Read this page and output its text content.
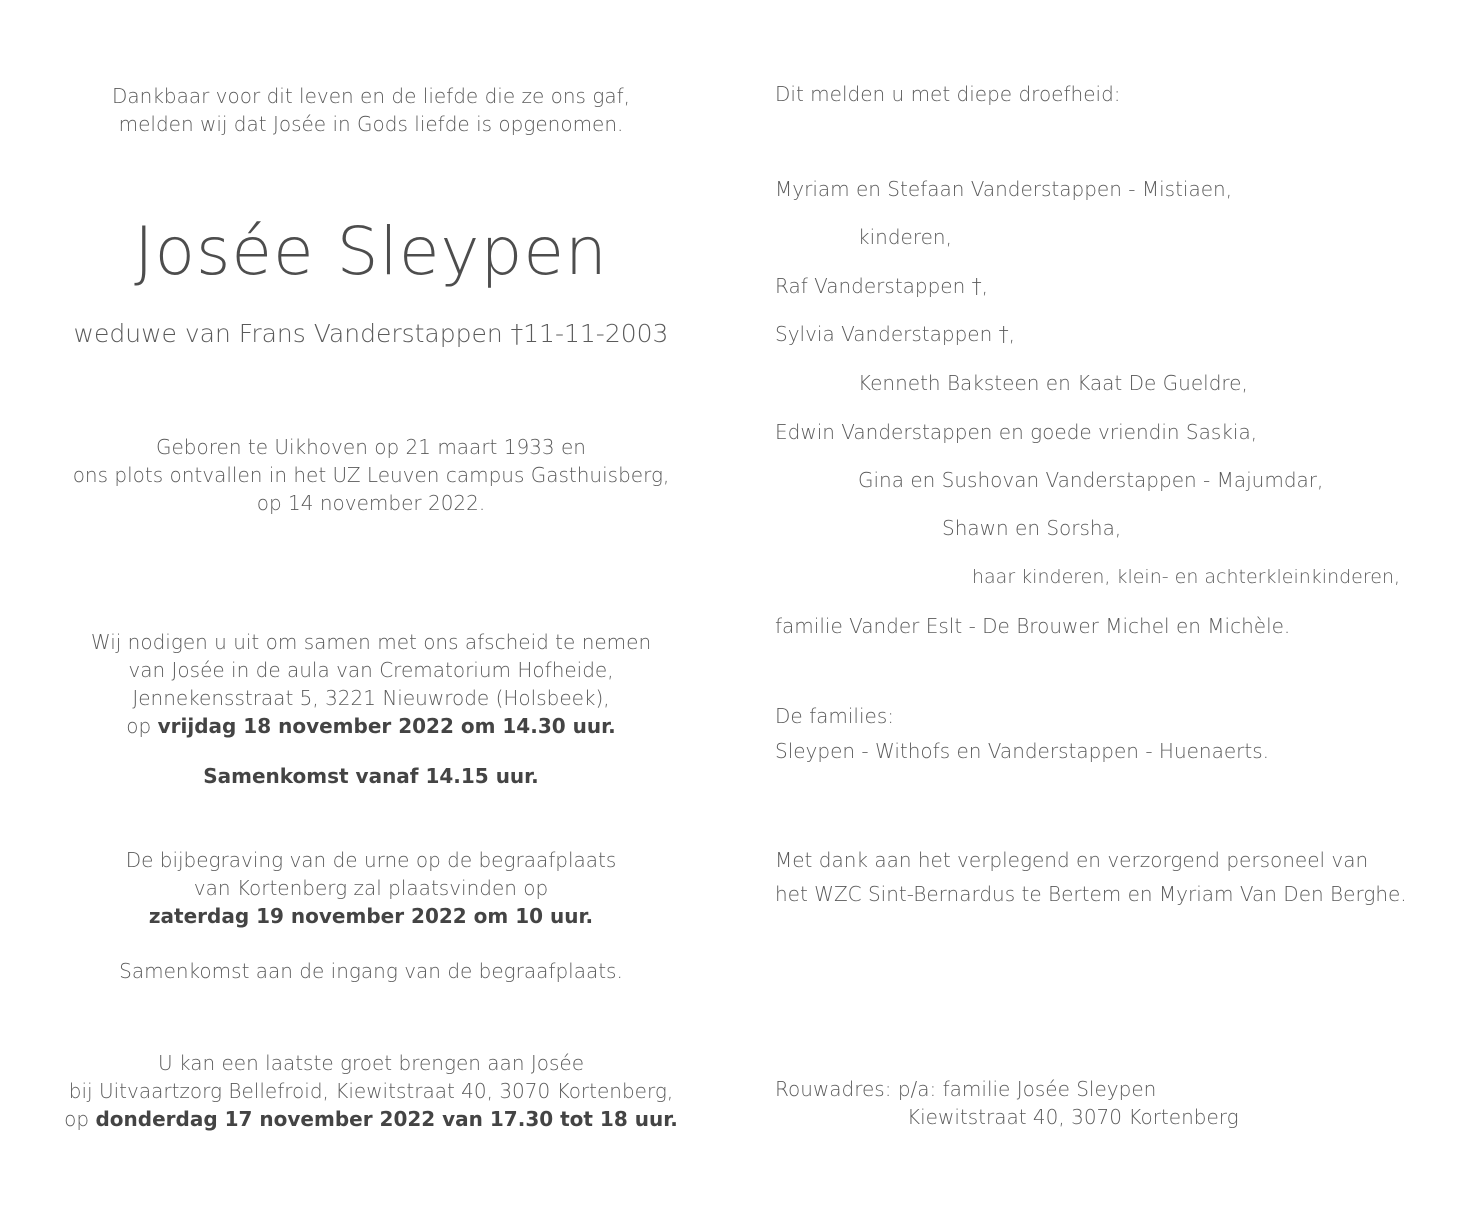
Dankbaar voor dit leven en de liefde die ze ons gaf,
melden wij dat Josée in Gods liefde is opgenomen.
Josée Sleypen
weduwe van Frans Vanderstappen †11-11-2003
Geboren te Uikhoven op 21 maart 1933 en
ons plots ontvallen in het UZ Leuven campus Gasthuisberg,
op 14 november 2022.
Wij nodigen u uit om samen met ons afscheid te nemen
van Josée in de aula van Crematorium Hofheide,
Jennekensstraat 5, 3221 Nieuwrode (Holsbeek),
op vrijdag 18 november 2022 om 14.30 uur.
Samenkomst vanaf 14.15 uur.
De bijbegraving van de urne op de begraafplaats
van Kortenberg zal plaatsvinden op
zaterdag 19 november 2022 om 10 uur.
Samenkomst aan de ingang van de begraafplaats.
U kan een laatste groet brengen aan Josée
bij Uitvaartzorg Bellefroid, Kiewitstraat 40, 3070 Kortenberg,
op donderdag 17 november 2022 van 17.30 tot 18 uur.
Dit melden u met diepe droefheid:
Myriam en Stefaan Vanderstappen - Mistiaen,
kinderen,
Raf Vanderstappen †,
Sylvia Vanderstappen †,
Kenneth Baksteen en Kaat De Gueldre,
Edwin Vanderstappen en goede vriendin Saskia,
Gina en Sushovan Vanderstappen - Majumdar,
Shawn en Sorsha,
haar kinderen, klein- en achterkleinkinderen,
familie Vander Eslt - De Brouwer Michel en Michèle.
De families:
Sleypen - Withofs en Vanderstappen - Huenaerts.
Met dank aan het verplegend en verzorgend personeel van
het WZC Sint-Bernardus te Bertem en Myriam Van Den Berghe.
Rouwadres: p/a: familie Josée Sleypen
Kiewitstraat 40, 3070 Kortenberg
